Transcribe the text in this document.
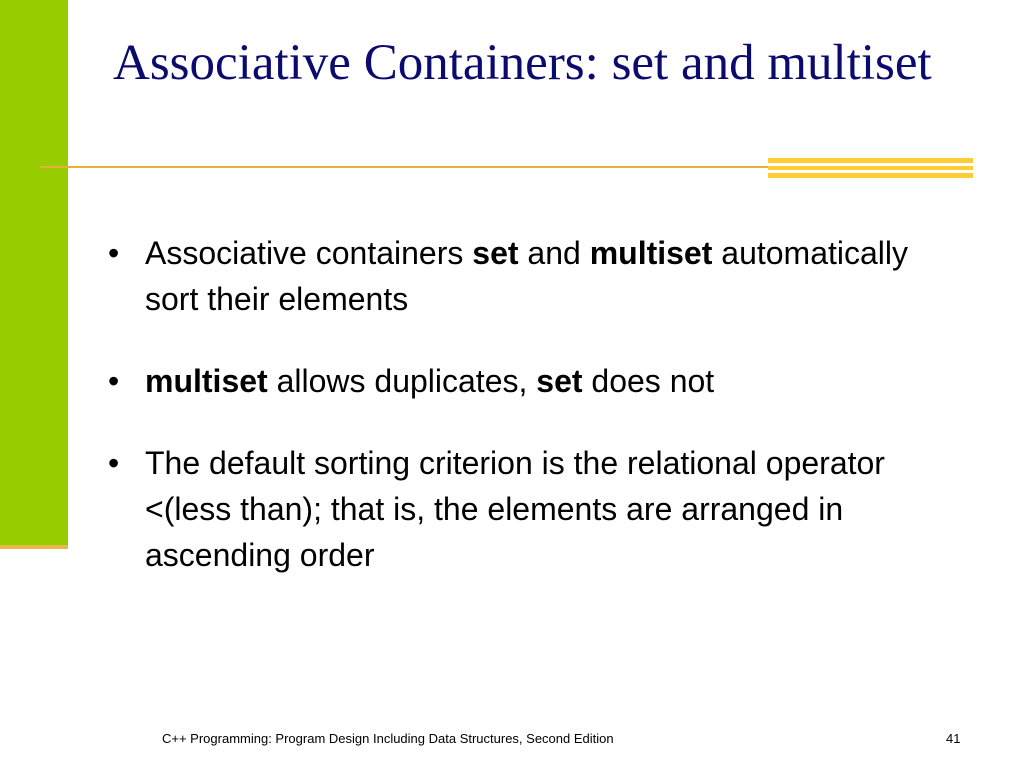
Associative Containers: set and multiset
• Associative containers set and multiset automatically sort their elements
• multiset allows duplicates, set does not
• The default sorting criterion is the relational operator <(less than); that is, the elements are arranged in ascending order
C++ Programming: Program Design Including Data Structures, Second Edition	41
